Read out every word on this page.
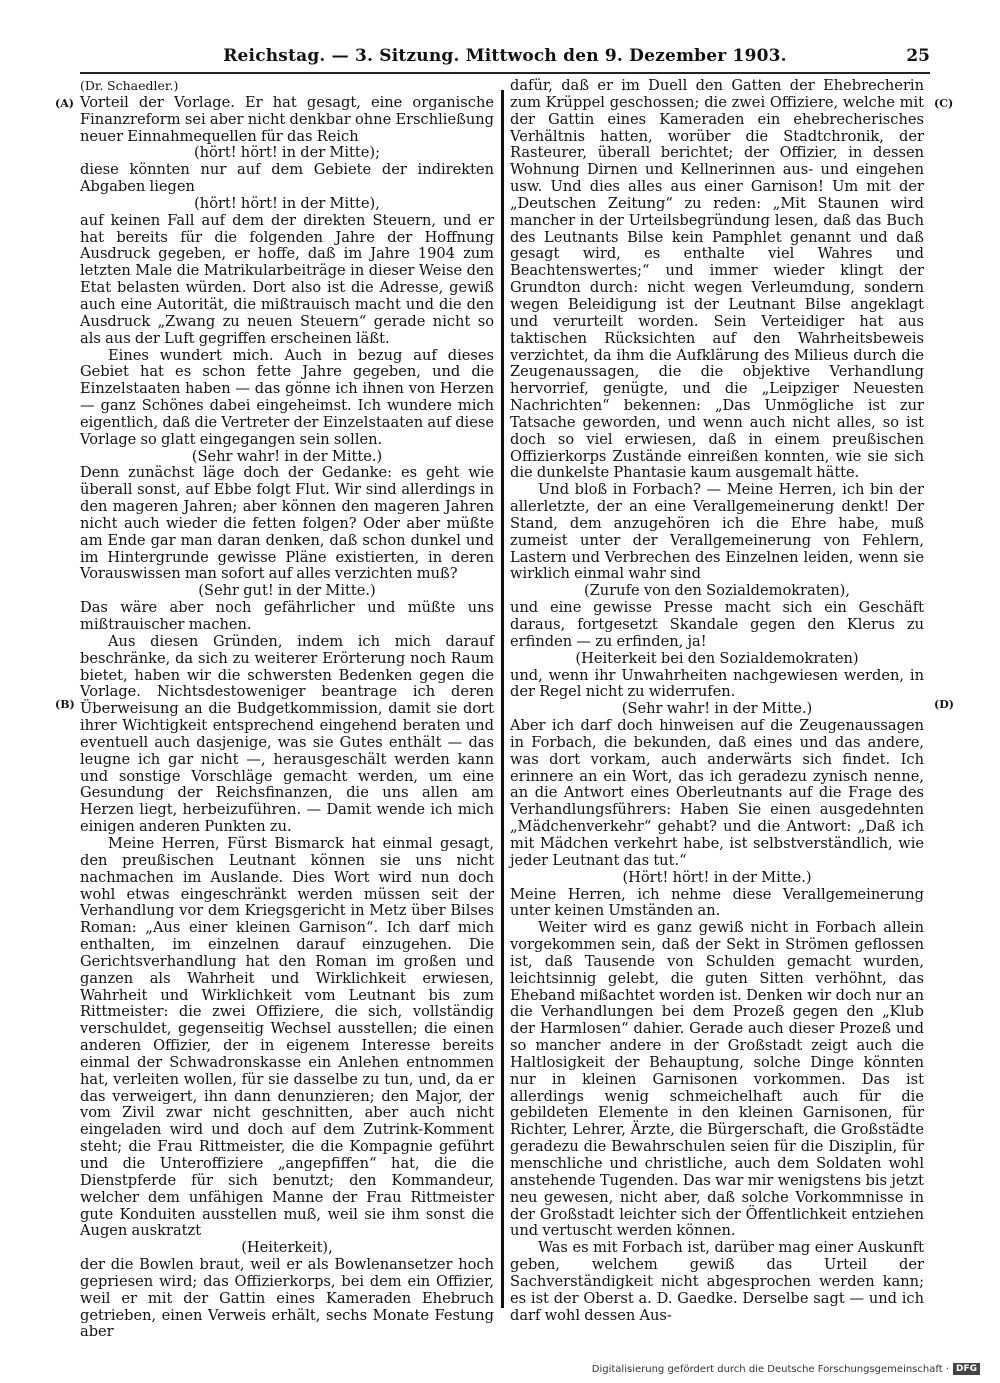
Reichstag. — 3. Sitzung. Mittwoch den 9. Dezember 1903.	25
(A)
(B)
(C)
(D)

(Dr. Schaedler.)

Vorteil der Vorlage. Er hat gesagt, eine organische Finanzreform sei aber nicht denkbar ohne Erschließung neuer Einnahmequellen für das Reich

(hört! hört! in der Mitte);

diese könnten nur auf dem Gebiete der indirekten Abgaben liegen

(hört! hört! in der Mitte),

auf keinen Fall auf dem der direkten Steuern, und er hat bereits für die folgenden Jahre der Hoffnung Ausdruck gegeben, er hoffe, daß im Jahre 1904 zum letzten Male die Matrikularbeiträge in dieser Weise den Etat belasten würden. Dort also ist die Adresse, gewiß auch eine Autorität, die mißtrauisch macht und die den Ausdruck „Zwang zu neuen Steuern“ gerade nicht so als aus der Luft gegriffen erscheinen läßt.

Eines wundert mich. Auch in bezug auf dieses Gebiet hat es schon fette Jahre gegeben, und die Einzelstaaten haben — das gönne ich ihnen von Herzen — ganz Schönes dabei eingeheimst. Ich wundere mich eigentlich, daß die Vertreter der Einzelstaaten auf diese Vorlage so glatt eingegangen sein sollen.

(Sehr wahr! in der Mitte.)

Denn zunächst läge doch der Gedanke: es geht wie überall sonst, auf Ebbe folgt Flut. Wir sind allerdings in den mageren Jahren; aber können den mageren Jahren nicht auch wieder die fetten folgen? Oder aber müßte am Ende gar man daran denken, daß schon dunkel und im Hintergrunde gewisse Pläne existierten, in deren Vorauswissen man sofort auf alles verzichten muß?

(Sehr gut! in der Mitte.)

Das wäre aber noch gefährlicher und müßte uns mißtrauischer machen.

Aus diesen Gründen, indem ich mich darauf beschränke, da sich zu weiterer Erörterung noch Raum bietet, haben wir die schwersten Bedenken gegen die Vorlage. Nichtsdestoweniger beantrage ich deren Überweisung an die Budgetkommission, damit sie dort ihrer Wichtigkeit entsprechend eingehend beraten und eventuell auch dasjenige, was sie Gutes enthält — das leugne ich gar nicht —, herausgeschält werden kann und sonstige Vorschläge gemacht werden, um eine Gesundung der Reichsfinanzen, die uns allen am Herzen liegt, herbeizuführen. — Damit wende ich mich einigen anderen Punkten zu.

Meine Herren, Fürst Bismarck hat einmal gesagt, den preußischen Leutnant können sie uns nicht nachmachen im Auslande. Dies Wort wird nun doch wohl etwas eingeschränkt werden müssen seit der Verhandlung vor dem Kriegsgericht in Metz über Bilses Roman: „Aus einer kleinen Garnison“. Ich darf mich enthalten, im einzelnen darauf einzugehen. Die Gerichtsverhandlung hat den Roman im großen und ganzen als Wahrheit und Wirklichkeit erwiesen, Wahrheit und Wirklichkeit vom Leutnant bis zum Rittmeister: die zwei Offiziere, die sich, vollständig verschuldet, gegenseitig Wechsel ausstellen; die einen anderen Offizier, der in eigenem Interesse bereits einmal der Schwadronskasse ein Anlehen entnommen hat, verleiten wollen, für sie dasselbe zu tun, und, da er das verweigert, ihn dann denunzieren; den Major, der vom Zivil zwar nicht geschnitten, aber auch nicht eingeladen wird und doch auf dem Zutrink-Komment steht; die Frau Rittmeister, die die Kompagnie geführt und die Unteroffiziere „angepfiffen“ hat, die die Dienstpferde für sich benutzt; den Kommandeur, welcher dem unfähigen Manne der Frau Rittmeister gute Konduiten ausstellen muß, weil sie ihm sonst die Augen auskratzt

(Heiterkeit),

der die Bowlen braut, weil er als Bowlenansetzer hoch gepriesen wird; das Offizierkorps, bei dem ein Offizier, weil er mit der Gattin eines Kameraden Ehebruch getrieben, einen Verweis erhält, sechs Monate Festung aber

dafür, daß er im Duell den Gatten der Ehebrecherin zum Krüppel geschossen; die zwei Offiziere, welche mit der Gattin eines Kameraden ein ehebrecherisches Verhältnis hatten, worüber die Stadtchronik, der Rasteurer, überall berichtet; der Offizier, in dessen Wohnung Dirnen und Kellnerinnen aus- und eingehen usw. Und dies alles aus einer Garnison! Um mit der „Deutschen Zeitung“ zu reden: „Mit Staunen wird mancher in der Urteilsbegründung lesen, daß das Buch des Leutnants Bilse kein Pamphlet genannt und daß gesagt wird, es enthalte viel Wahres und Beachtenswertes;“ und immer wieder klingt der Grundton durch: nicht wegen Verleumdung, sondern wegen Beleidigung ist der Leutnant Bilse angeklagt und verurteilt worden. Sein Verteidiger hat aus taktischen Rücksichten auf den Wahrheitsbeweis verzichtet, da ihm die Aufklärung des Milieus durch die Zeugenaussagen, die die objektive Verhandlung hervorrief, genügte, und die „Leipziger Neuesten Nachrichten“ bekennen: „Das Unmögliche ist zur Tatsache geworden, und wenn auch nicht alles, so ist doch so viel erwiesen, daß in einem preußischen Offizierkorps Zustände einreißen konnten, wie sie sich die dunkelste Phantasie kaum ausgemalt hätte.

Und bloß in Forbach? — Meine Herren, ich bin der allerletzte, der an eine Verallgemeinerung denkt! Der Stand, dem anzugehören ich die Ehre habe, muß zumeist unter der Verallgemeinerung von Fehlern, Lastern und Verbrechen des Einzelnen leiden, wenn sie wirklich einmal wahr sind

(Zurufe von den Sozialdemokraten),

und eine gewisse Presse macht sich ein Geschäft daraus, fortgesetzt Skandale gegen den Klerus zu erfinden — zu erfinden, ja!

(Heiterkeit bei den Sozialdemokraten)

und, wenn ihr Unwahrheiten nachgewiesen werden, in der Regel nicht zu widerrufen.

(Sehr wahr! in der Mitte.)

Aber ich darf doch hinweisen auf die Zeugenaussagen in Forbach, die bekunden, daß eines und das andere, was dort vorkam, auch anderwärts sich findet. Ich erinnere an ein Wort, das ich geradezu zynisch nenne, an die Antwort eines Oberleutnants auf die Frage des Verhandlungsführers: Haben Sie einen ausgedehnten „Mädchenverkehr“ gehabt? und die Antwort: „Daß ich mit Mädchen verkehrt habe, ist selbstverständlich, wie jeder Leutnant das tut.“

(Hört! hört! in der Mitte.)

Meine Herren, ich nehme diese Verallgemeinerung unter keinen Umständen an.

Weiter wird es ganz gewiß nicht in Forbach allein vorgekommen sein, daß der Sekt in Strömen geflossen ist, daß Tausende von Schulden gemacht wurden, leichtsinnig gelebt, die guten Sitten verhöhnt, das Eheband mißachtet worden ist. Denken wir doch nur an die Verhandlungen bei dem Prozeß gegen den „Klub der Harmlosen“ dahier. Gerade auch dieser Prozeß und so mancher andere in der Großstadt zeigt auch die Haltlosigkeit der Behauptung, solche Dinge könnten nur in kleinen Garnisonen vorkommen. Das ist allerdings wenig schmeichelhaft auch für die gebildeten Elemente in den kleinen Garnisonen, für Richter, Lehrer, Ärzte, die Bürgerschaft, die Großstädte geradezu die Bewahrschulen seien für die Disziplin, für menschliche und christliche, auch dem Soldaten wohl anstehende Tugenden. Das war mir wenigstens bis jetzt neu gewesen, nicht aber, daß solche Vorkommnisse in der Großstadt leichter sich der Öffentlichkeit entziehen und vertuscht werden können.

Was es mit Forbach ist, darüber mag einer Auskunft geben, welchem gewiß das Urteil der Sachverständigkeit nicht abgesprochen werden kann; es ist der Oberst a. D. Gaedke. Derselbe sagt — und ich darf wohl dessen Aus-

Digitalisierung gefördert durch die Deutsche Forschungsgemeinschaft · DFG
